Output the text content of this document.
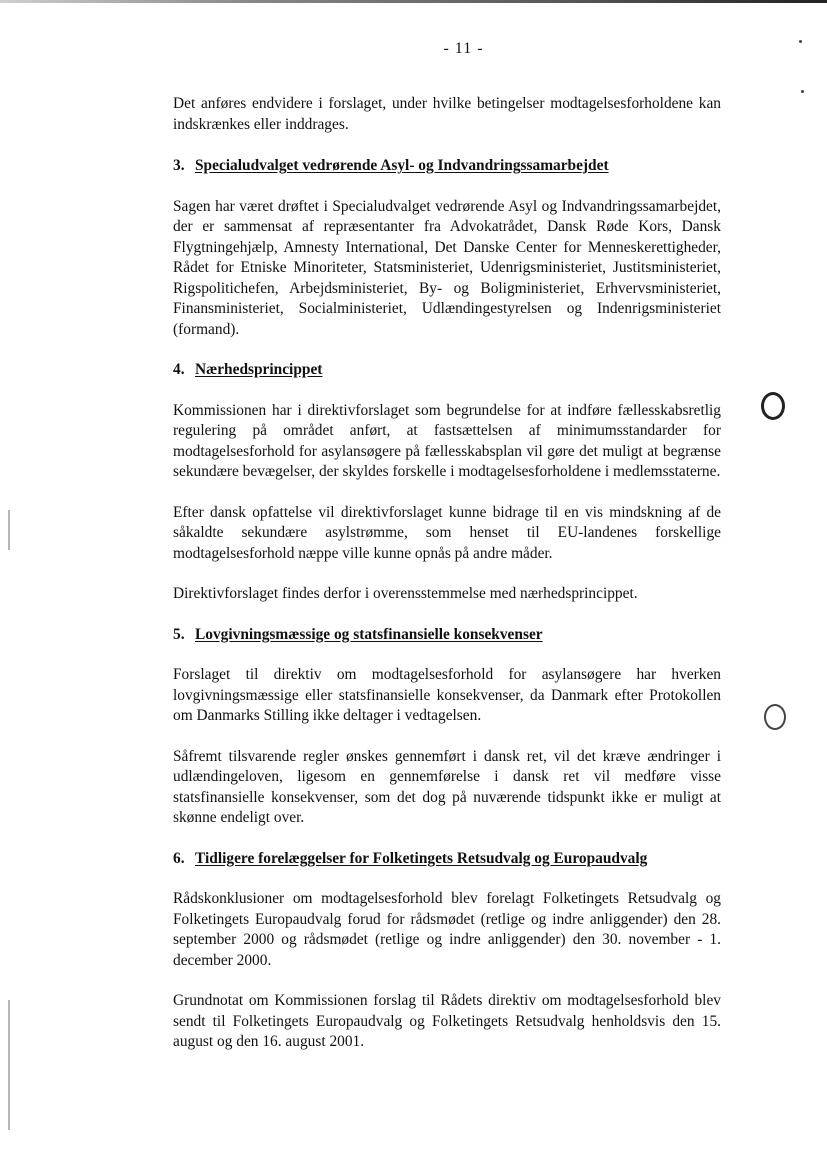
- 11 -

Det anføres endvidere i forslaget, under hvilke betingelser modtagelsesforholdene kan indskrænkes eller inddrages.

3. Specialudvalget vedrørende Asyl- og Indvandringssamarbejdet

Sagen har været drøftet i Specialudvalget vedrørende Asyl og Indvandringssamarbejdet, der er sammensat af repræsentanter fra Advokatrådet, Dansk Røde Kors, Dansk Flygtningehjælp, Amnesty International, Det Danske Center for Menneskerettigheder, Rådet for Etniske Minoriteter, Statsministeriet, Udenrigsministeriet, Justitsministeriet, Rigspolitichefen, Arbejdsministeriet, By- og Boligministeriet, Erhvervsministeriet, Finansministeriet, Socialministeriet, Udlændingestyrelsen og Indenrigsministeriet (formand).

4. Nærhedsprincippet

Kommissionen har i direktivforslaget som begrundelse for at indføre fællesskabsretlig regulering på området anført, at fastsættelsen af minimumsstandarder for modtagelsesforhold for asylansøgere på fællesskabsplan vil gøre det muligt at begrænse sekundære bevægelser, der skyldes forskelle i modtagelsesforholdene i medlemsstaterne.

Efter dansk opfattelse vil direktivforslaget kunne bidrage til en vis mindskning af de såkaldte sekundære asylstrømme, som henset til EU-landenes forskellige modtagelsesforhold næppe ville kunne opnås på andre måder.

Direktivforslaget findes derfor i overensstemmelse med nærhedsprincippet.

5. Lovgivningsmæssige og statsfinansielle konsekvenser

Forslaget til direktiv om modtagelsesforhold for asylansøgere har hverken lovgivningsmæssige eller statsfinansielle konsekvenser, da Danmark efter Protokollen om Danmarks Stilling ikke deltager i vedtagelsen.

Såfremt tilsvarende regler ønskes gennemført i dansk ret, vil det kræve ændringer i udlændingeloven, ligesom en gennemførelse i dansk ret vil medføre visse statsfinansielle konsekvenser, som det dog på nuværende tidspunkt ikke er muligt at skønne endeligt over.

6. Tidligere forelæggelser for Folketingets Retsudvalg og Europaudvalg

Rådskonklusioner om modtagelsesforhold blev forelagt Folketingets Retsudvalg og Folketingets Europaudvalg forud for rådsmødet (retlige og indre anliggender) den 28. september 2000 og rådsmødet (retlige og indre anliggender) den 30. november - 1. december 2000.

Grundnotat om Kommissionen forslag til Rådets direktiv om modtagelsesforhold blev sendt til Folketingets Europaudvalg og Folketingets Retsudvalg henholdsvis den 15. august og den 16. august 2001.
